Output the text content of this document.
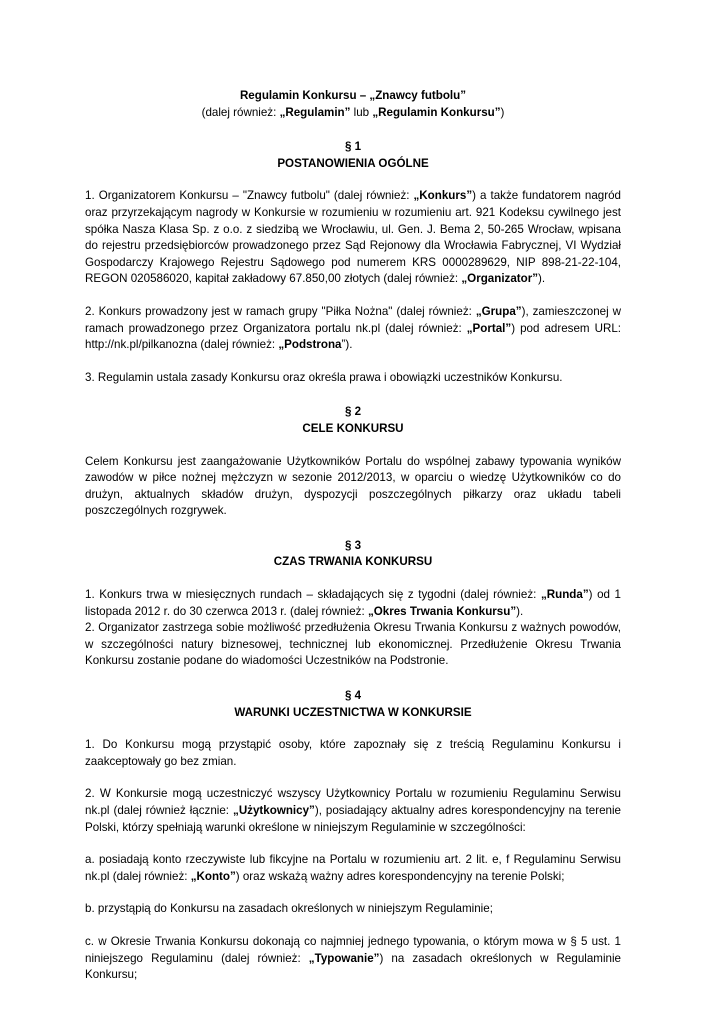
Regulamin Konkursu – „Znawcy futbolu”
(dalej również: „Regulamin” lub „Regulamin Konkursu”)
§ 1
POSTANOWIENIA OGÓLNE

1. Organizatorem Konkursu – "Znawcy futbolu" (dalej również: „Konkurs”) a także fundatorem nagród oraz przyrzekającym nagrody w Konkursie w rozumieniu w rozumieniu art. 921 Kodeksu cywilnego jest spółka Nasza Klasa Sp. z o.o. z siedzibą we Wrocławiu, ul. Gen. J. Bema 2, 50-265 Wrocław, wpisana do rejestru przedsiębiorców prowadzonego przez Sąd Rejonowy dla Wrocławia Fabrycznej, VI Wydział Gospodarczy Krajowego Rejestru Sądowego pod numerem KRS 0000289629, NIP 898-21-22-104, REGON 020586020, kapitał zakładowy 67.850,00 złotych (dalej również: „Organizator”).

2. Konkurs prowadzony jest w ramach grupy "Piłka Nożna" (dalej również: „Grupa”), zamieszczonej w ramach prowadzonego przez Organizatora portalu nk.pl (dalej również: „Portal”) pod adresem URL: http://nk.pl/pilkanozna (dalej również: „Podstrona”).

3. Regulamin ustala zasady Konkursu oraz określa prawa i obowiązki uczestników Konkursu.

§ 2
CELE KONKURSU

Celem Konkursu jest zaangażowanie Użytkowników Portalu do wspólnej zabawy typowania wyników zawodów w piłce nożnej mężczyzn w sezonie 2012/2013, w oparciu o wiedzę Użytkowników co do drużyn, aktualnych składów drużyn, dyspozycji poszczególnych piłkarzy oraz układu tabeli poszczególnych rozgrywek.

§ 3
CZAS TRWANIA KONKURSU

1. Konkurs trwa w miesięcznych rundach – składających się z tygodni (dalej również: „Runda”) od 1 listopada 2012 r. do 30 czerwca 2013 r. (dalej również: „Okres Trwania Konkursu”).

2. Organizator zastrzega sobie możliwość przedłużenia Okresu Trwania Konkursu z ważnych powodów, w szczególności natury biznesowej, technicznej lub ekonomicznej. Przedłużenie Okresu Trwania Konkursu zostanie podane do wiadomości Uczestników na Podstronie.

§ 4
WARUNKI UCZESTNICTWA W KONKURSIE

1. Do Konkursu mogą przystąpić osoby, które zapoznały się z treścią Regulaminu Konkursu i zaakceptowały go bez zmian.

2. W Konkursie mogą uczestniczyć wszyscy Użytkownicy Portalu w rozumieniu Regulaminu Serwisu nk.pl (dalej również łącznie: „Użytkownicy”), posiadający aktualny adres korespondencyjny na terenie Polski, którzy spełniają warunki określone w niniejszym Regulaminie w szczególności:

a. posiadają konto rzeczywiste lub fikcyjne na Portalu w rozumieniu art. 2 lit. e, f Regulaminu Serwisu nk.pl (dalej również: „Konto”) oraz wskażą ważny adres korespondencyjny na terenie Polski;

b. przystąpią do Konkursu na zasadach określonych w niniejszym Regulaminie;

c. w Okresie Trwania Konkursu dokonają co najmniej jednego typowania, o którym mowa w § 5 ust. 1 niniejszego Regulaminu (dalej również: „Typowanie”) na zasadach określonych w Regulaminie Konkursu;
